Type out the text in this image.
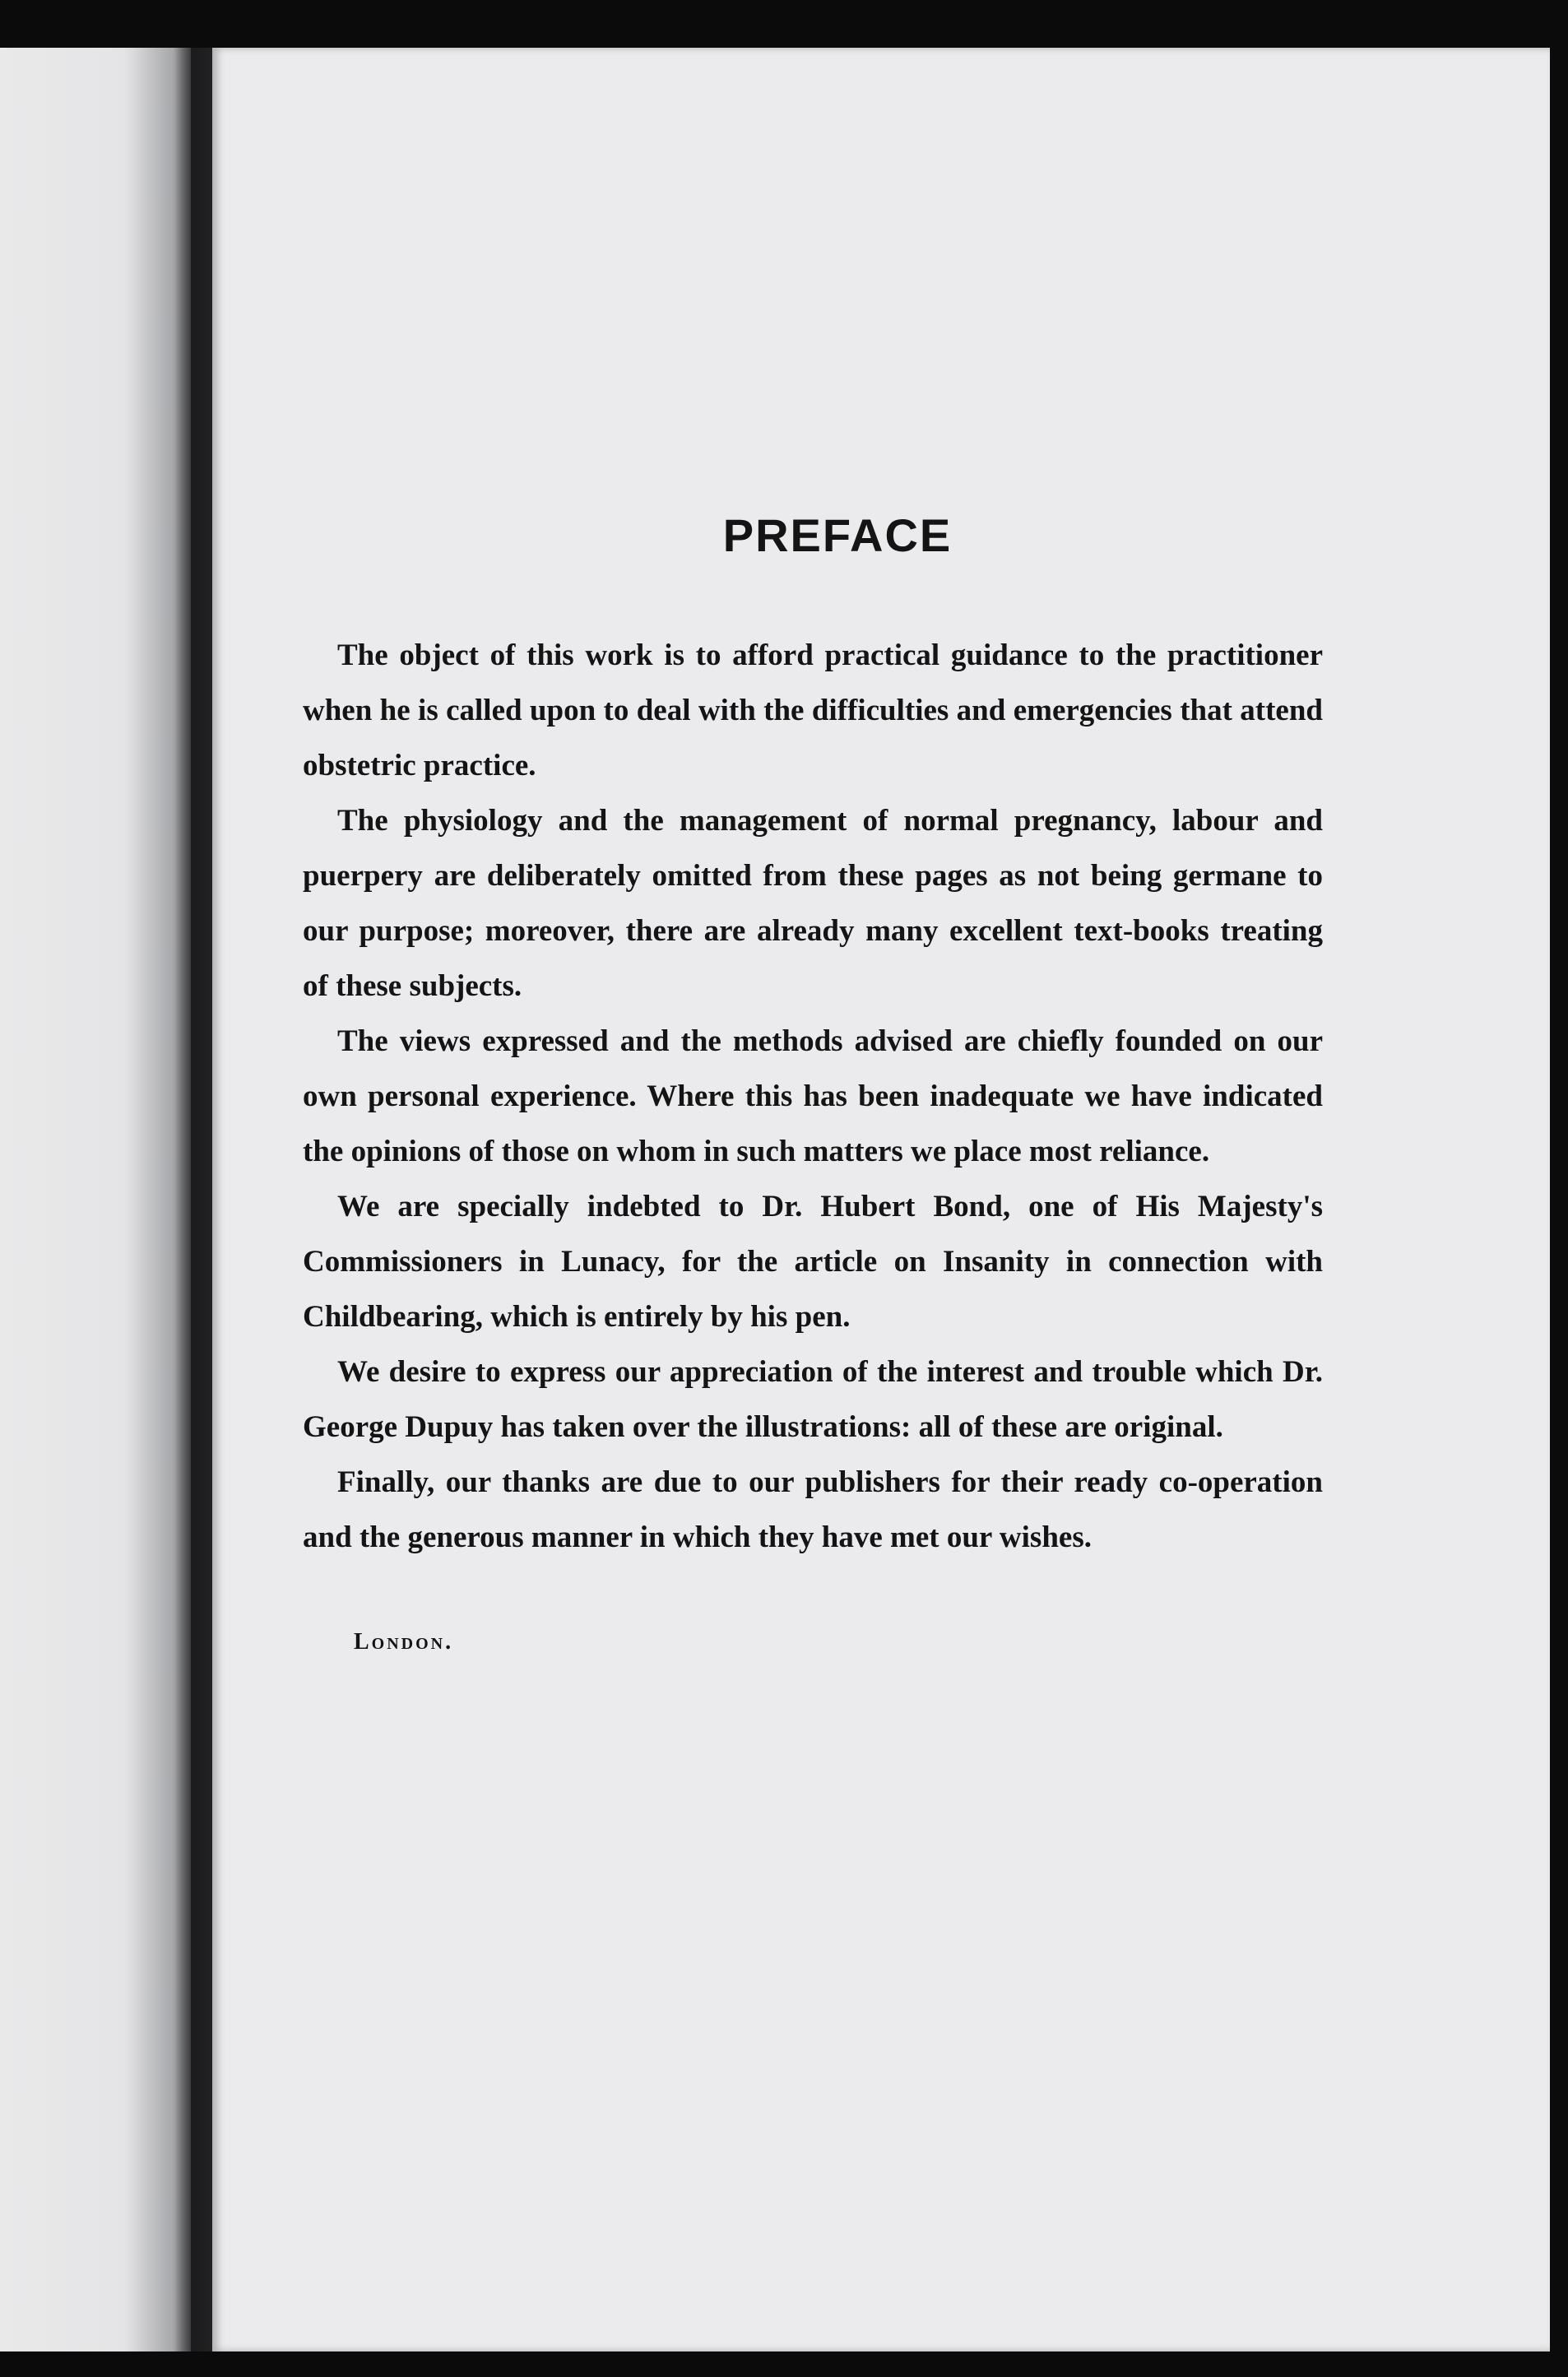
PREFACE

The object of this work is to afford practical guidance to the practitioner when he is called upon to deal with the difficulties and emergencies that attend obstetric practice.

The physiology and the management of normal pregnancy, labour and puerpery are deliberately omitted from these pages as not being germane to our purpose; moreover, there are already many excellent text-books treating of these subjects.

The views expressed and the methods advised are chiefly founded on our own personal experience. Where this has been inadequate we have indicated the opinions of those on whom in such matters we place most reliance.

We are specially indebted to Dr. Hubert Bond, one of His Majesty's Commissioners in Lunacy, for the article on Insanity in connection with Childbearing, which is entirely by his pen.

We desire to express our appreciation of the interest and trouble which Dr. George Dupuy has taken over the illustrations: all of these are original.

Finally, our thanks are due to our publishers for their ready co-operation and the generous manner in which they have met our wishes.

London.
